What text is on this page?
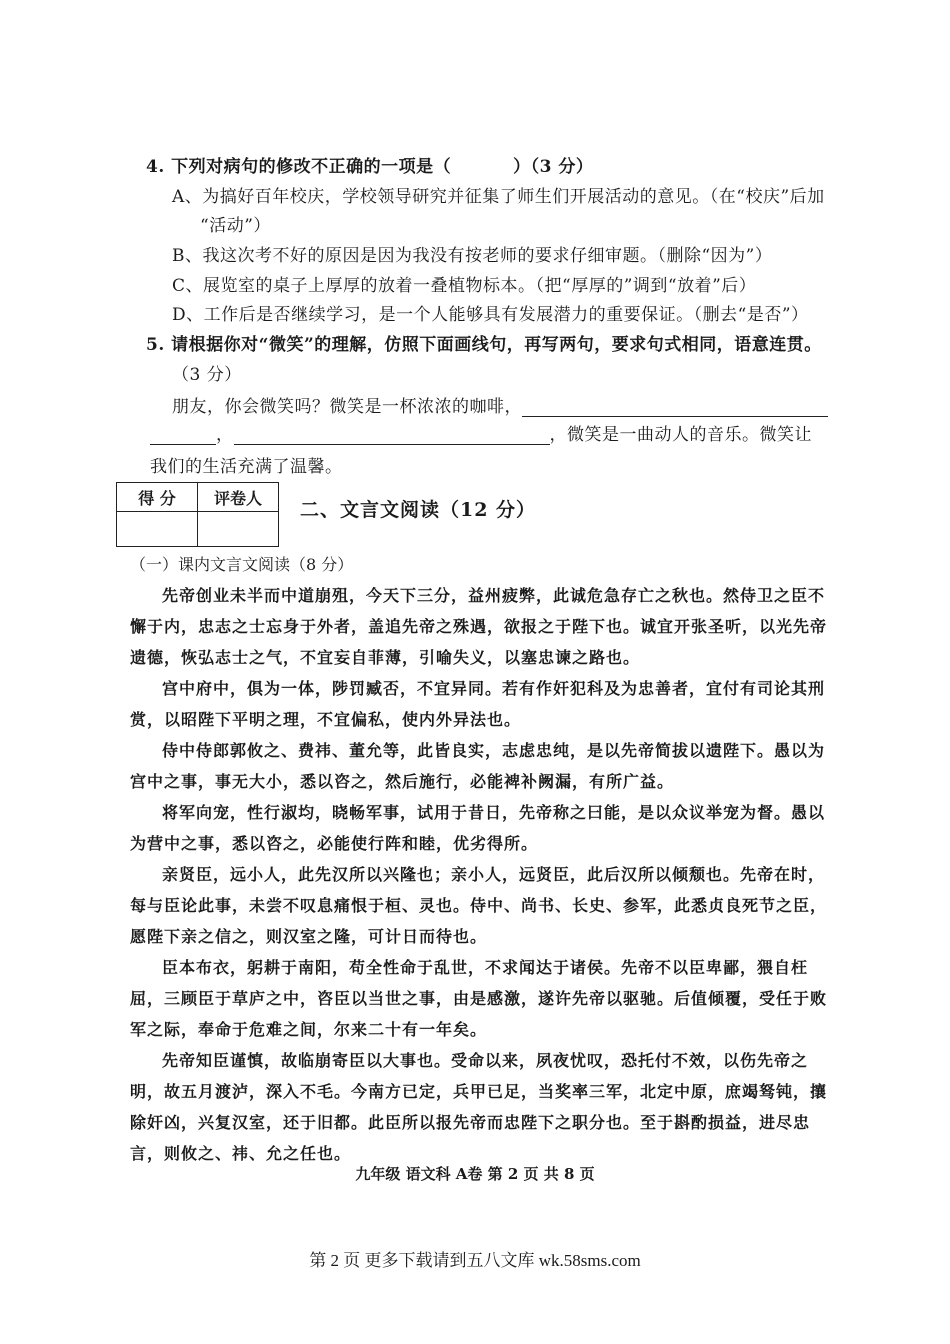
4. 下列对病句的修改不正确的一项是（	）（3 分）
A、为搞好百年校庆，学校领导研究并征集了师生们开展活动的意见。（在“校庆”后加
“活动”）
B、我这次考不好的原因是因为我没有按老师的要求仔细审题。（删除“因为”）
C、展览室的桌子上厚厚的放着一叠植物标本。（把“厚厚的”调到“放着”后）
D、工作后是否继续学习，是一个人能够具有发展潜力的重要保证。（删去“是否”）
5. 请根据你对“微笑”的理解，仿照下面画线句，再写两句，要求句式相同，语意连贯。
（3 分）
朋友，你会微笑吗？微笑是一杯浓浓的咖啡，
，	，微笑是一曲动人的音乐。微笑让
我们的生活充满了温馨。
得 分	评卷人

二、文言文阅读（12 分）
（一）课内文言文阅读（8 分）

先帝创业未半而中道崩殂，今天下三分，益州疲弊，此诚危急存亡之秋也。然侍卫之臣不懈于内，忠志之士忘身于外者，盖追先帝之殊遇，欲报之于陛下也。诚宜开张圣听，以光先帝遗德，恢弘志士之气，不宜妄自菲薄，引喻失义，以塞忠谏之路也。

宫中府中，俱为一体，陟罚臧否，不宜异同。若有作奸犯科及为忠善者，宜付有司论其刑赏，以昭陛下平明之理，不宜偏私，使内外异法也。

侍中侍郎郭攸之、费祎、董允等，此皆良实，志虑忠纯，是以先帝简拔以遗陛下。愚以为宫中之事，事无大小，悉以咨之，然后施行，必能裨补阙漏，有所广益。

将军向宠，性行淑均，晓畅军事，试用于昔日，先帝称之曰能，是以众议举宠为督。愚以为营中之事，悉以咨之，必能使行阵和睦，优劣得所。

亲贤臣，远小人，此先汉所以兴隆也；亲小人，远贤臣，此后汉所以倾颓也。先帝在时，每与臣论此事，未尝不叹息痛恨于桓、灵也。侍中、尚书、长史、参军，此悉贞良死节之臣，愿陛下亲之信之，则汉室之隆，可计日而待也。

臣本布衣，躬耕于南阳，苟全性命于乱世，不求闻达于诸侯。先帝不以臣卑鄙，猥自枉屈，三顾臣于草庐之中，咨臣以当世之事，由是感激，遂许先帝以驱驰。后值倾覆，受任于败军之际，奉命于危难之间，尔来二十有一年矣。

先帝知臣谨慎，故临崩寄臣以大事也。受命以来，夙夜忧叹，恐托付不效，以伤先帝之明，故五月渡泸，深入不毛。今南方已定，兵甲已足，当奖率三军，北定中原，庶竭驽钝，攘除奸凶，兴复汉室，还于旧都。此臣所以报先帝而忠陛下之职分也。至于斟酌损益，进尽忠言，则攸之、祎、允之任也。

九年级 语文科 A卷 第 2 页 共 8 页
第 2 页 更多下载请到五八文库 wk.58sms.com
